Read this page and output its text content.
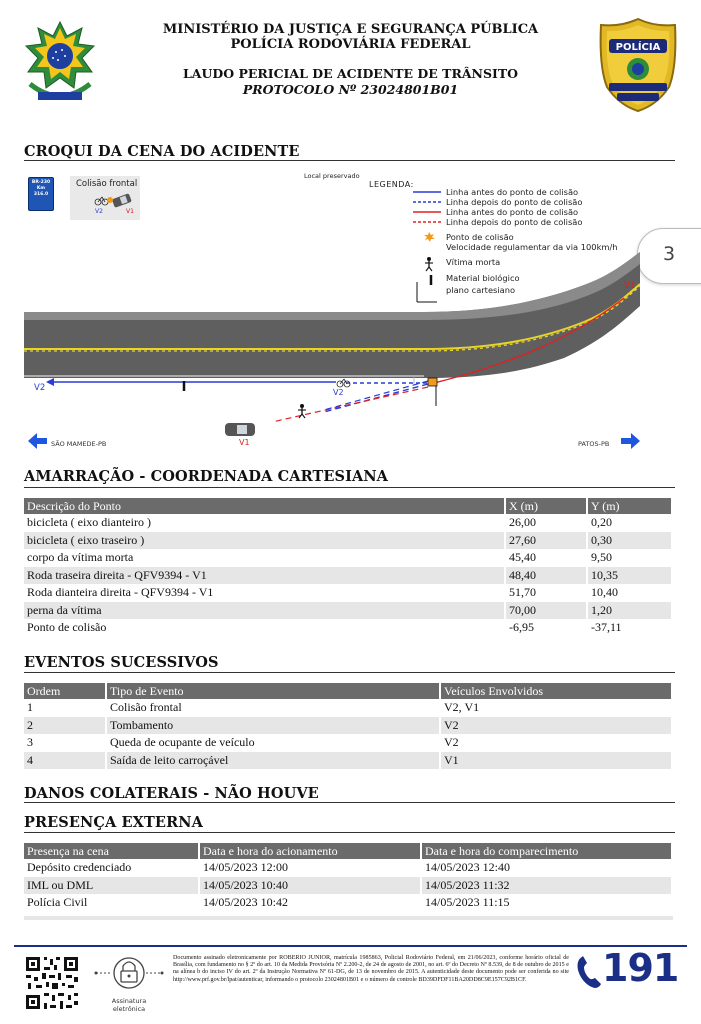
MINISTÉRIO DA JUSTIÇA E SEGURANÇA PÚBLICA
POLÍCIA RODOVIÁRIA FEDERAL
LAUDO PERICIAL DE ACIDENTE DE TRÂNSITO
PROTOCOLO Nº 23024801B01
POLÍCIA
CROQUI DA CENA DO ACIDENTE
BR-230
Km
316.0
Colisão frontal
V2	V1
Local preservado
LEGENDA:
Linha antes do ponto de colisão
Linha depois do ponto de colisão
Linha antes do ponto de colisão
Linha depois do ponto de colisão
Ponto de colisão
Velocidade regulamentar da via 100km/h
Vítima morta
Material biológico
plano cartesiano
3
V1
V2	V2
V1
SÃO MAMEDE-PB	PATOS-PB
AMARRAÇÃO - COORDENADA CARTESIANA
Descrição do Ponto	X (m)	Y (m)
bicicleta ( eixo dianteiro )	26,00	0,20
bicicleta ( eixo traseiro )	27,60	0,30
corpo da vítima morta	45,40	9,50
Roda traseira direita - QFV9394 - V1	48,40	10,35
Roda dianteira direita - QFV9394 - V1	51,70	10,40
perna da vítima	70,00	1,20
Ponto de colisão	-6,95	-37,11
EVENTOS SUCESSIVOS
Ordem	Tipo de Evento	Veículos Envolvidos
1	Colisão frontal	V2, V1
2	Tombamento	V2
3	Queda de ocupante de veículo	V2
4	Saída de leito carroçável	V1
DANOS COLATERAIS - NÃO HOUVE
PRESENÇA EXTERNA
Presença na cena	Data e hora do acionamento	Data e hora do comparecimento
Depósito credenciado	14/05/2023 12:00	14/05/2023 12:40
IML ou DML	14/05/2023 10:40	14/05/2023 11:32
Polícia Civil	14/05/2023 10:42	14/05/2023 11:15
Assinatura
eletrônica
Documento assinado eletronicamente por ROBERIO JUNIOR, matrícula 1985863, Policial Rodoviário Federal, em 21/06/2023, conforme horário oficial de Brasília, com fundamento no § 2º do art. 10 da Medida Provisória Nº 2.200-2, de 24 de agosto de 2001, no art. 6º do Decreto Nº 8.539, de 8 de outubro de 2015 e na alínea b do inciso IV do art. 2º da Instrução Normativa Nº 61-DG, de 13 de novembro de 2015. A autenticidade deste documento pode ser conferida no site http://www.prf.gov.br/lpat/autenticar, informando o protocolo 23024801B01 e o número de controle BD39DFDF11BA20DD8C9E157C92B1CF.	191
